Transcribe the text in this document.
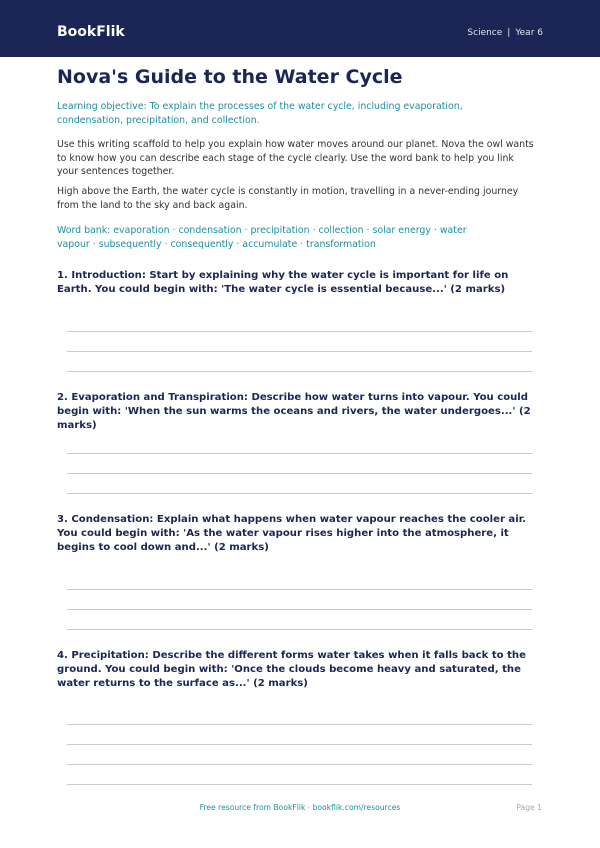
BookFlik	Science | Year 6
Nova's Guide to the Water Cycle

Learning objective: To explain the processes of the water cycle, including evaporation, condensation, precipitation, and collection.

Use this writing scaffold to help you explain how water moves around our planet. Nova the owl wants to know how you can describe each stage of the cycle clearly. Use the word bank to help you link your sentences together.

High above the Earth, the water cycle is constantly in motion, travelling in a never-ending journey from the land to the sky and back again.

Word bank: evaporation · condensation · precipitation · collection · solar energy · water vapour · subsequently · consequently · accumulate · transformation

1. Introduction: Start by explaining why the water cycle is important for life on Earth. You could begin with: 'The water cycle is essential because...' (2 marks)

2. Evaporation and Transpiration: Describe how water turns into vapour. You could begin with: 'When the sun warms the oceans and rivers, the water undergoes...' (2 marks)

3. Condensation: Explain what happens when water vapour reaches the cooler air. You could begin with: 'As the water vapour rises higher into the atmosphere, it begins to cool down and...' (2 marks)

4. Precipitation: Describe the different forms water takes when it falls back to the ground. You could begin with: 'Once the clouds become heavy and saturated, the water returns to the surface as...' (2 marks)

Free resource from BookFlik · bookflik.com/resources	Page 1
